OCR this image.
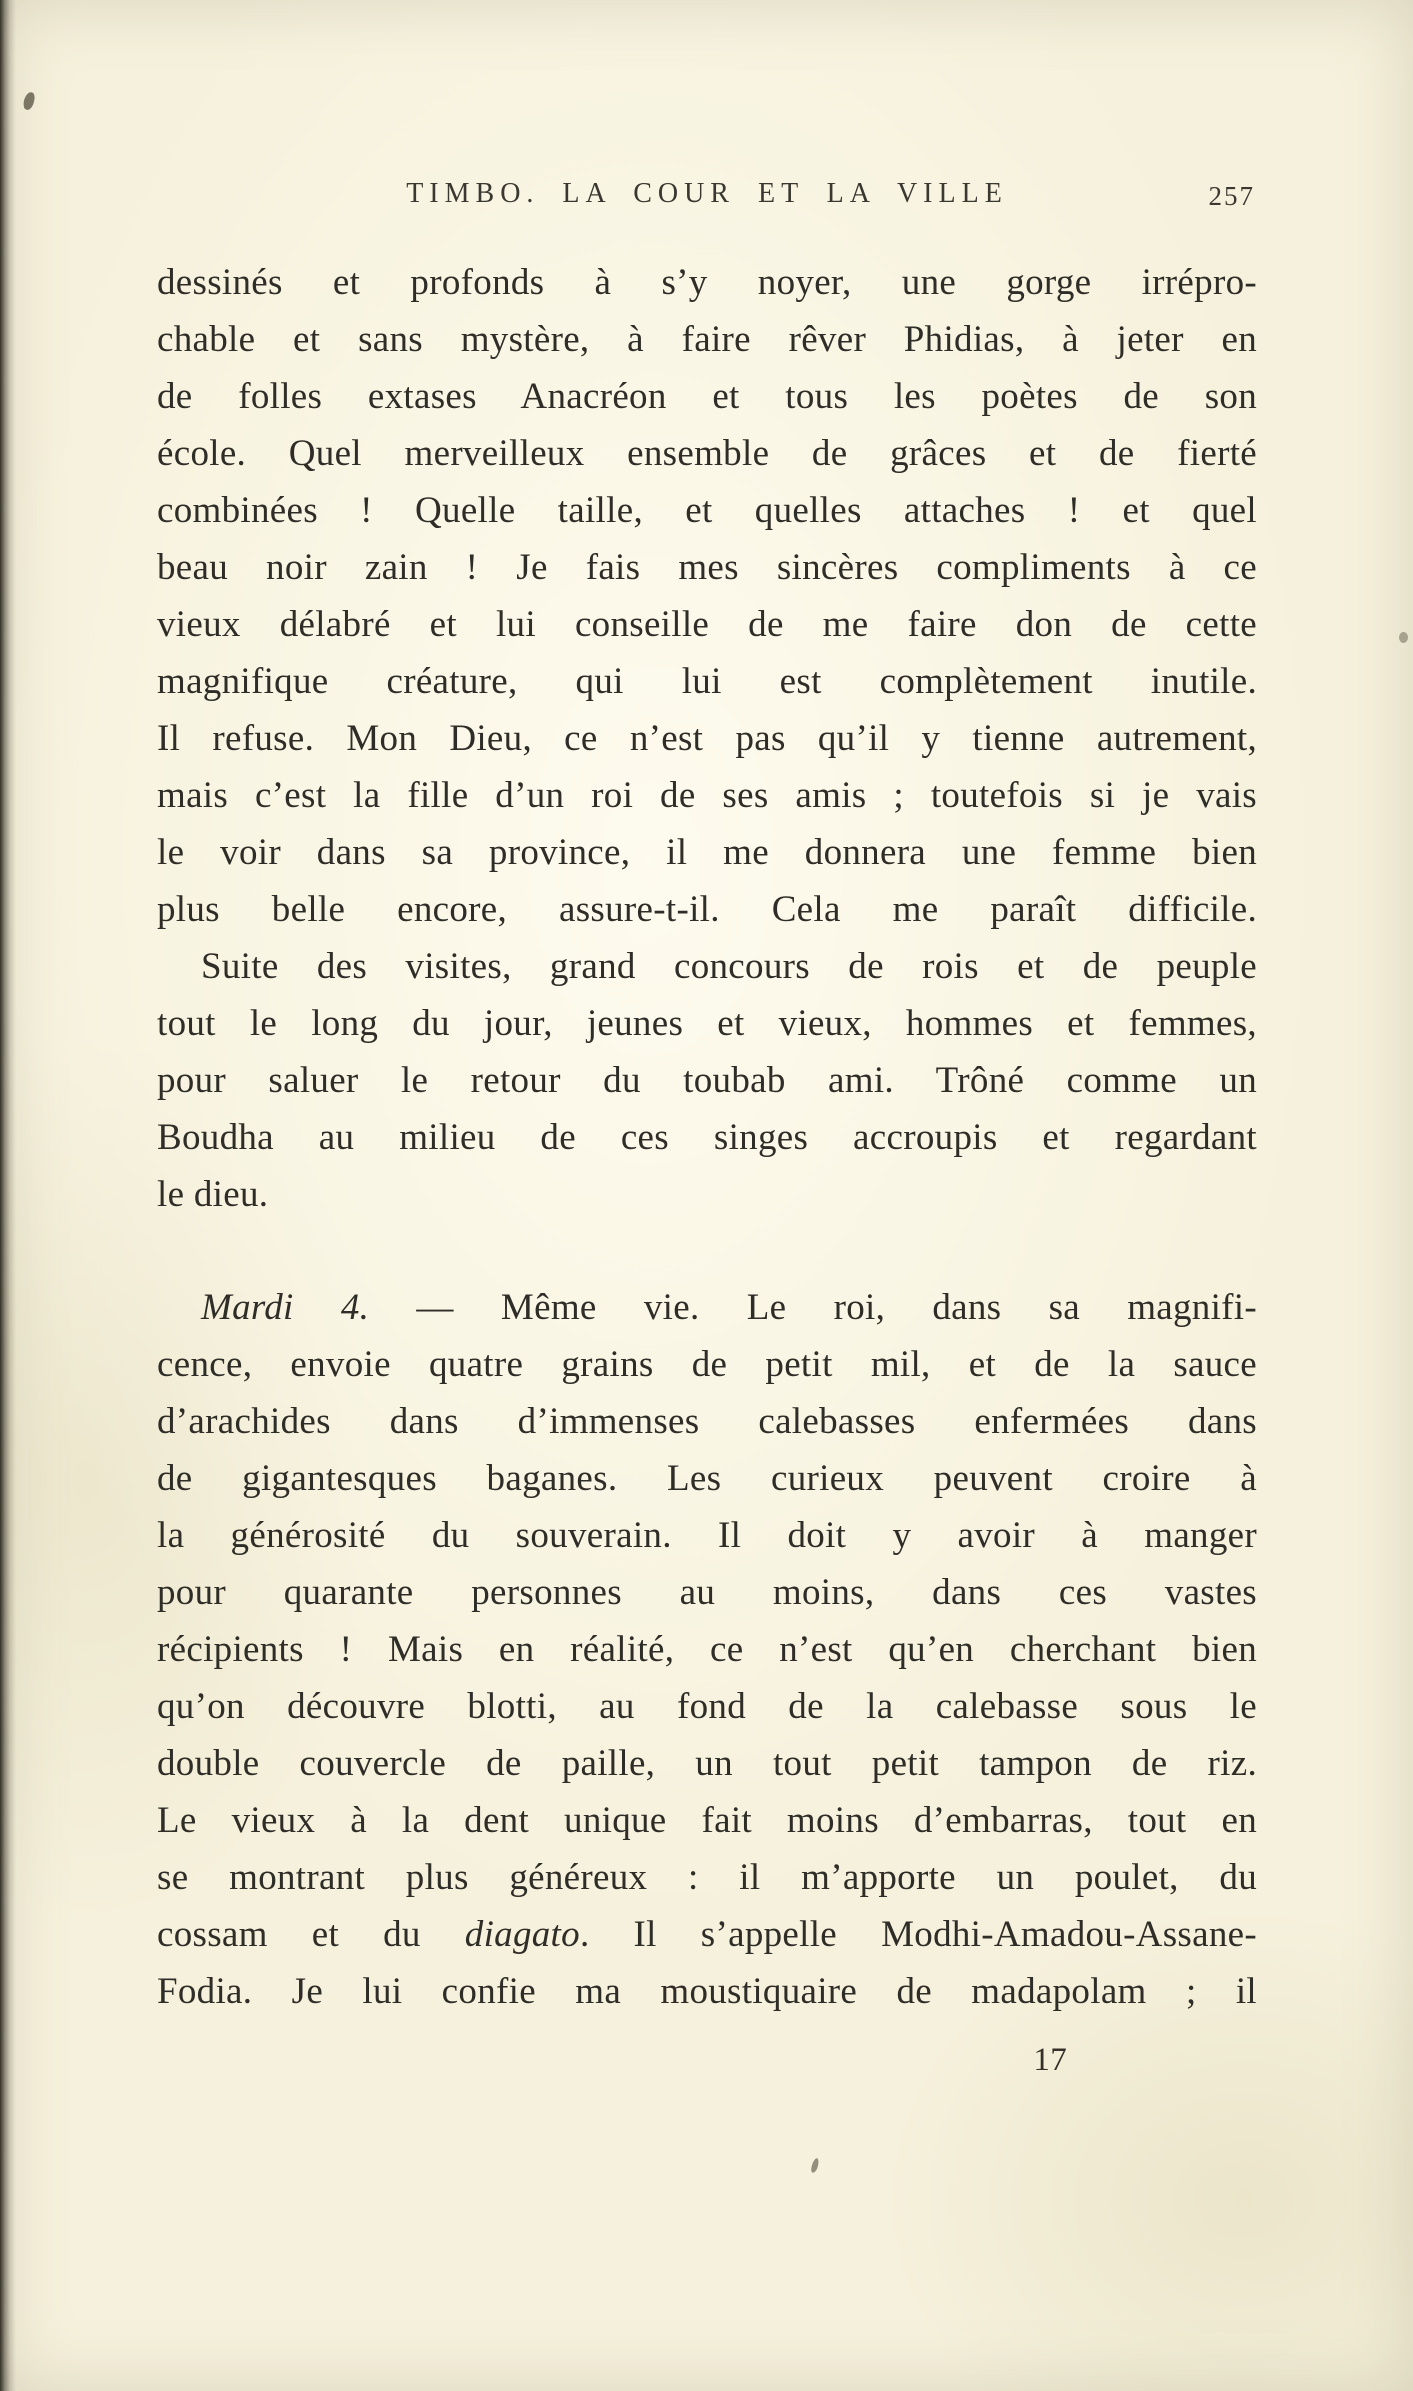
TIMBO. LA COUR ET LA VILLE	257
dessinés et profonds à s’y noyer, une gorge irrépro-
chable et sans mystère, à faire rêver Phidias, à jeter en
de folles extases Anacréon et tous les poètes de son
école. Quel merveilleux ensemble de grâces et de fierté
combinées ! Quelle taille, et quelles attaches ! et quel
beau noir zain ! Je fais mes sincères compliments à ce
vieux délabré et lui conseille de me faire don de cette
magnifique créature, qui lui est complètement inutile.
Il refuse. Mon Dieu, ce n’est pas qu’il y tienne autrement,
mais c’est la fille d’un roi de ses amis ; toutefois si je vais
le voir dans sa province, il me donnera une femme bien
plus belle encore, assure-t-il. Cela me paraît difficile.
Suite des visites, grand concours de rois et de peuple
tout le long du jour, jeunes et vieux, hommes et femmes,
pour saluer le retour du toubab ami. Trôné comme un
Boudha au milieu de ces singes accroupis et regardant
le dieu.
Mardi 4. — Même vie. Le roi, dans sa magnifi-
cence, envoie quatre grains de petit mil, et de la sauce
d’arachides dans d’immenses calebasses enfermées dans
de gigantesques baganes. Les curieux peuvent croire à
la générosité du souverain. Il doit y avoir à manger
pour quarante personnes au moins, dans ces vastes
récipients ! Mais en réalité, ce n’est qu’en cherchant bien
qu’on découvre blotti, au fond de la calebasse sous le
double couvercle de paille, un tout petit tampon de riz.
Le vieux à la dent unique fait moins d’embarras, tout en
se montrant plus généreux : il m’apporte un poulet, du
cossam et du diagato. Il s’appelle Modhi-Amadou-Assane-
Fodia. Je lui confie ma moustiquaire de madapolam ; il
17
